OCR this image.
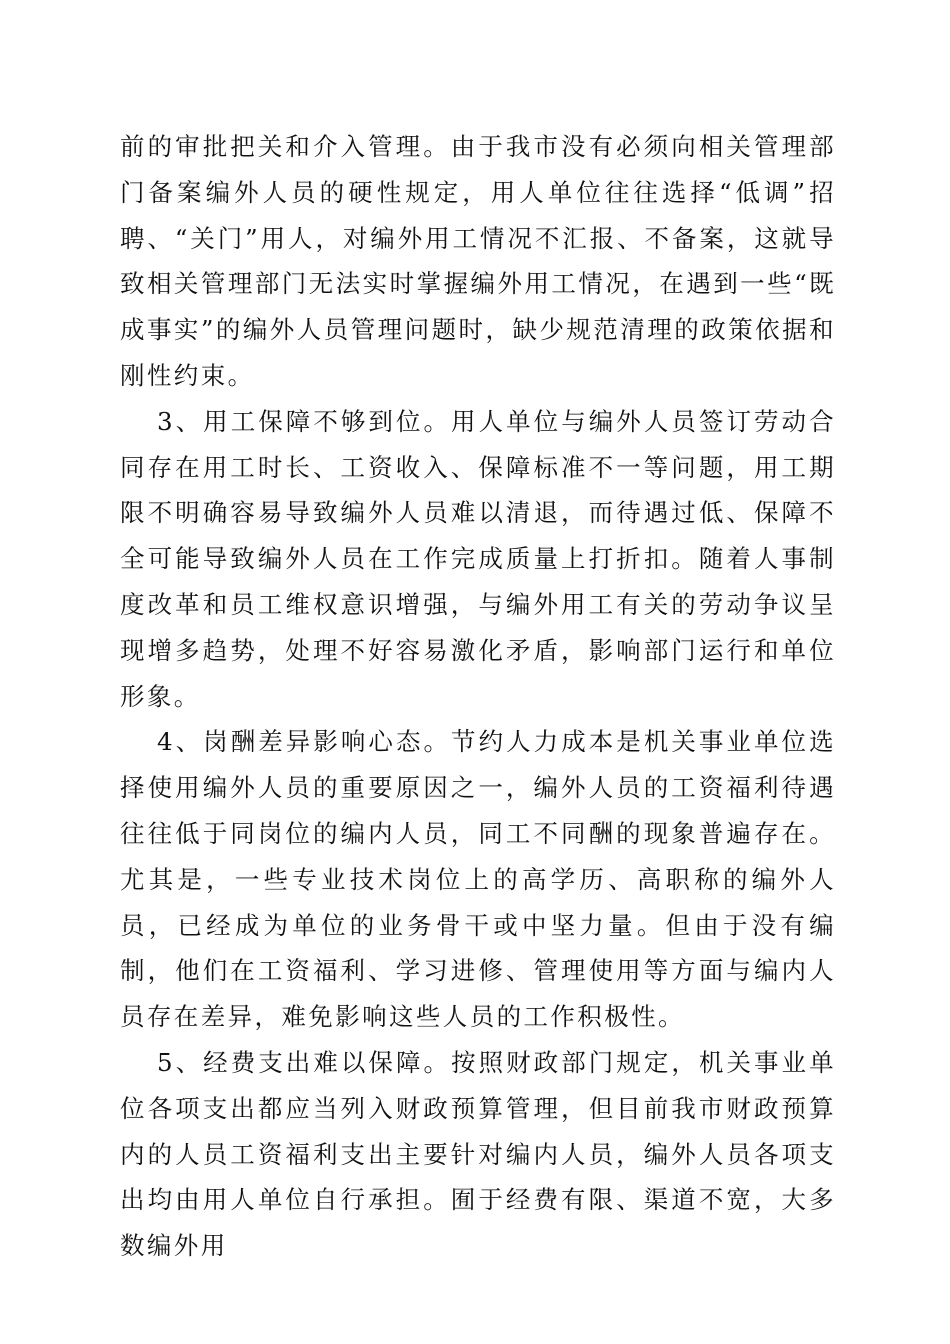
前的审批把关和介入管理。由于我市没有必须向相关管理部门备案编外人员的硬性规定，用人单位往往选择“低调”招聘、“关门”用人，对编外用工情况不汇报、不备案，这就导致相关管理部门无法实时掌握编外用工情况，在遇到一些“既成事实”的编外人员管理问题时，缺少规范清理的政策依据和刚性约束。

3、用工保障不够到位。用人单位与编外人员签订劳动合同存在用工时长、工资收入、保障标准不一等问题，用工期限不明确容易导致编外人员难以清退，而待遇过低、保障不全可能导致编外人员在工作完成质量上打折扣。随着人事制度改革和员工维权意识增强，与编外用工有关的劳动争议呈现增多趋势，处理不好容易激化矛盾，影响部门运行和单位形象。

4、岗酬差异影响心态。节约人力成本是机关事业单位选择使用编外人员的重要原因之一，编外人员的工资福利待遇往往低于同岗位的编内人员，同工不同酬的现象普遍存在。尤其是，一些专业技术岗位上的高学历、高职称的编外人员，已经成为单位的业务骨干或中坚力量。但由于没有编制，他们在工资福利、学习进修、管理使用等方面与编内人员存在差异，难免影响这些人员的工作积极性。

5、经费支出难以保障。按照财政部门规定，机关事业单位各项支出都应当列入财政预算管理，但目前我市财政预算内的人员工资福利支出主要针对编内人员，编外人员各项支出均由用人单位自行承担。囿于经费有限、渠道不宽，大多数编外用
